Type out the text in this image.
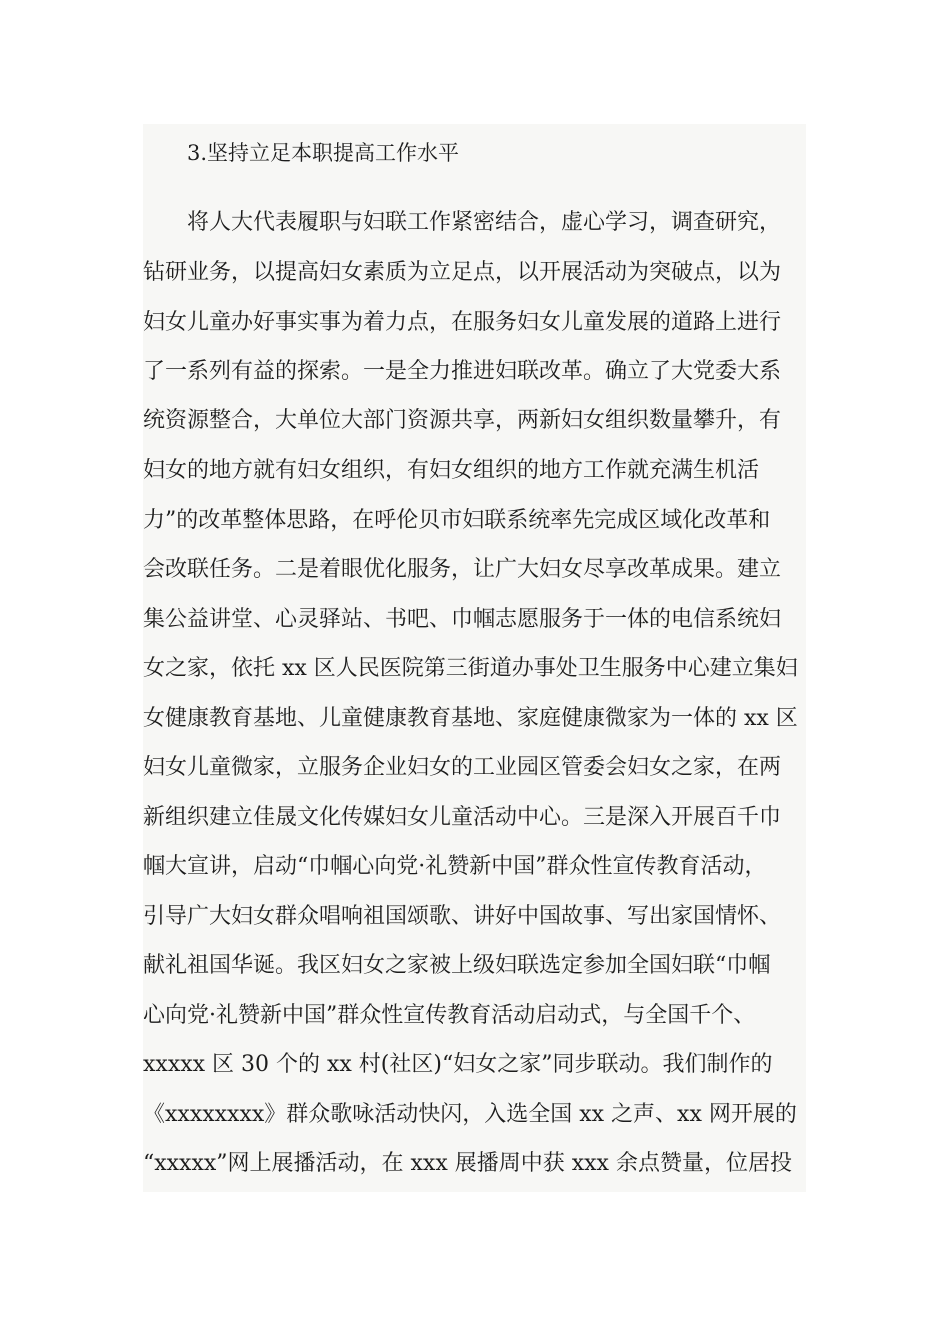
3.坚持立足本职提高工作水平
将人大代表履职与妇联工作紧密结合，虚心学习，调查研究，
钻研业务，以提高妇女素质为立足点，以开展活动为突破点，以为
妇女儿童办好事实事为着力点，在服务妇女儿童发展的道路上进行
了一系列有益的探索。一是全力推进妇联改革。确立了大党委大系
统资源整合，大单位大部门资源共享，两新妇女组织数量攀升，有
妇女的地方就有妇女组织，有妇女组织的地方工作就充满生机活
力”的改革整体思路，在呼伦贝市妇联系统率先完成区域化改革和
会改联任务。二是着眼优化服务，让广大妇女尽享改革成果。建立
集公益讲堂、心灵驿站、书吧、巾帼志愿服务于一体的电信系统妇
女之家，依托 xx 区人民医院第三街道办事处卫生服务中心建立集妇
女健康教育基地、儿童健康教育基地、家庭健康微家为一体的 xx 区
妇女儿童微家，立服务企业妇女的工业园区管委会妇女之家，在两
新组织建立佳晟文化传媒妇女儿童活动中心。三是深入开展百千巾
帼大宣讲，启动“巾帼心向党·礼赞新中国”群众性宣传教育活动，
引导广大妇女群众唱响祖国颂歌、讲好中国故事、写出家国情怀、
献礼祖国华诞。我区妇女之家被上级妇联选定参加全国妇联“巾帼
心向党·礼赞新中国”群众性宣传教育活动启动式，与全国千个、
xxxxx 区 30 个的 xx 村(社区)“妇女之家”同步联动。我们制作的
《xxxxxxxx》群众歌咏活动快闪，入选全国 xx 之声、xx 网开展的
“xxxxx”网上展播活动，在 xxx 展播周中获 xxx 余点赞量，位居投
